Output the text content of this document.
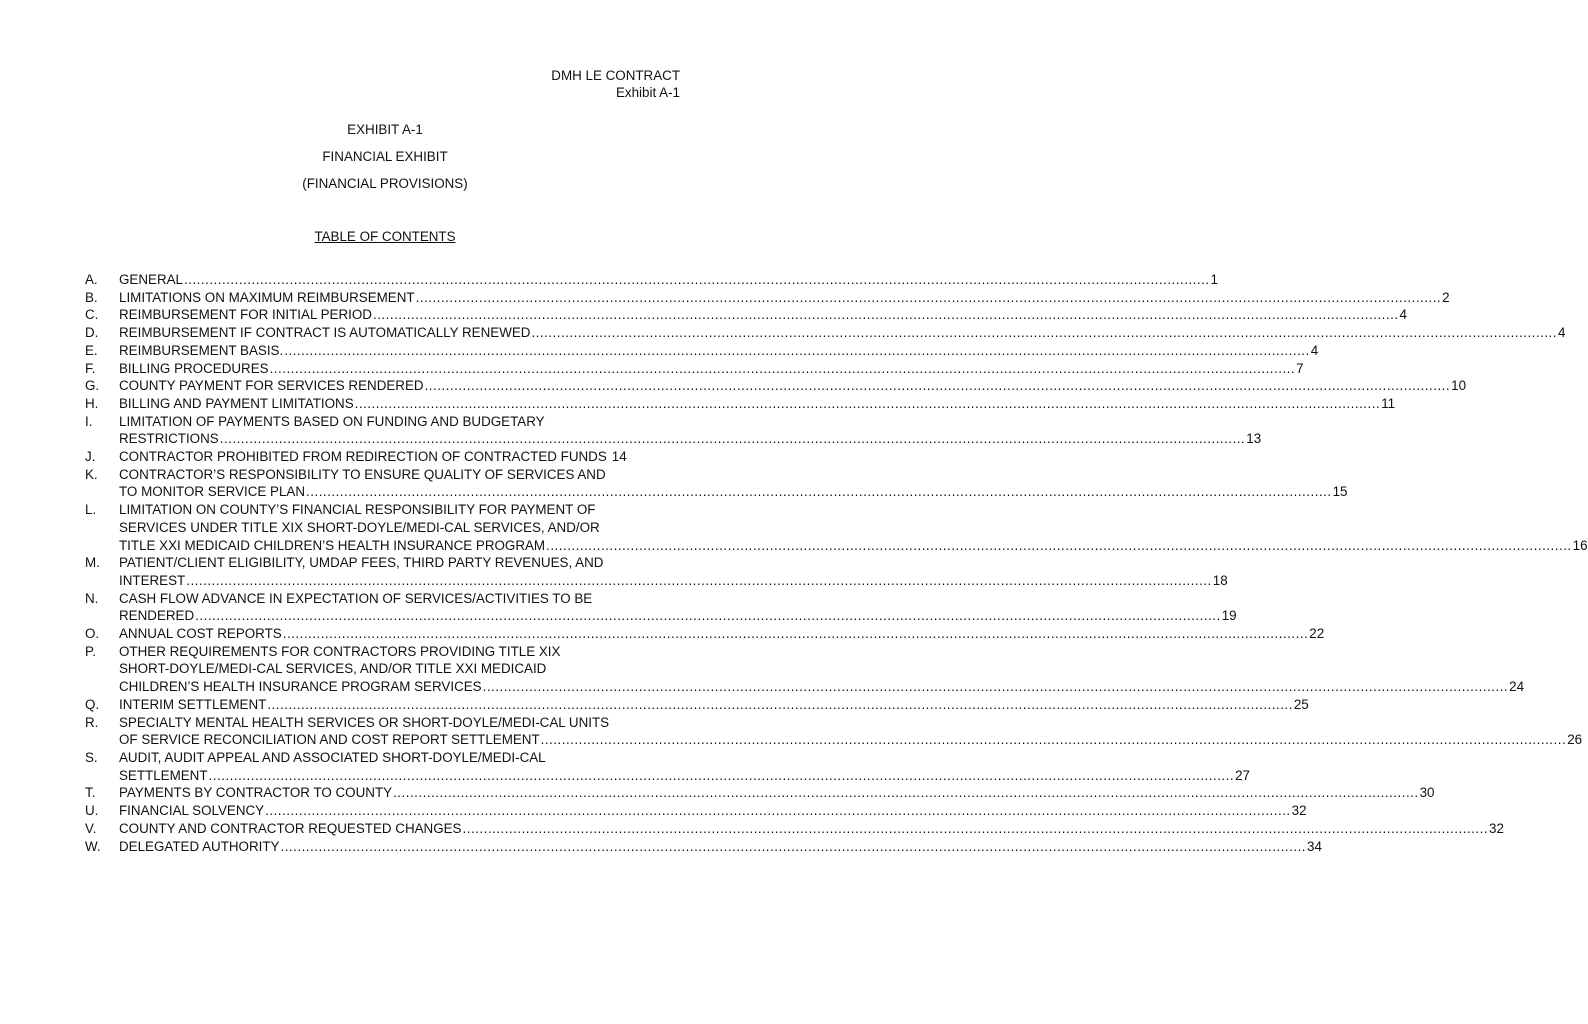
DMH LE CONTRACT
Exhibit A-1
EXHIBIT A-1
FINANCIAL EXHIBIT
(FINANCIAL PROVISIONS)
TABLE OF CONTENTS
A.	GENERAL .....	1
B.	LIMITATIONS ON MAXIMUM REIMBURSEMENT .....	2
C.	REIMBURSEMENT FOR INITIAL PERIOD .....	4
D.	REIMBURSEMENT IF CONTRACT IS AUTOMATICALLY RENEWED .....	4
E.	REIMBURSEMENT BASIS. .....	4
F.	BILLING PROCEDURES .....	7
G.	COUNTY PAYMENT FOR SERVICES RENDERED .....	10
H.	BILLING AND PAYMENT LIMITATIONS .....	11
I.	LIMITATION OF PAYMENTS BASED ON FUNDING AND BUDGETARY
RESTRICTIONS .....	13
J.	CONTRACTOR PROHIBITED FROM REDIRECTION OF CONTRACTED FUNDS 14
K.	CONTRACTOR’S RESPONSIBILITY TO ENSURE QUALITY OF SERVICES AND
TO MONITOR SERVICE PLAN .....	15
L.	LIMITATION ON COUNTY’S FINANCIAL RESPONSIBILITY FOR PAYMENT OF
SERVICES UNDER TITLE XIX SHORT-DOYLE/MEDI-CAL SERVICES, AND/OR
TITLE XXI MEDICAID CHILDREN’S HEALTH INSURANCE PROGRAM .....	16
M.	PATIENT/CLIENT ELIGIBILITY, UMDAP FEES, THIRD PARTY REVENUES, AND
INTEREST .....	18
N.	CASH FLOW ADVANCE IN EXPECTATION OF SERVICES/ACTIVITIES TO BE
RENDERED .....	19
O.	ANNUAL COST REPORTS .....	22
P.	OTHER REQUIREMENTS FOR CONTRACTORS PROVIDING TITLE XIX
SHORT-DOYLE/MEDI-CAL SERVICES, AND/OR TITLE XXI MEDICAID
CHILDREN’S HEALTH INSURANCE PROGRAM SERVICES .....	24
Q.	INTERIM SETTLEMENT .....	25
R.	SPECIALTY MENTAL HEALTH SERVICES OR SHORT-DOYLE/MEDI-CAL UNITS
OF SERVICE RECONCILIATION AND COST REPORT SETTLEMENT .....	26
S.	AUDIT, AUDIT APPEAL AND ASSOCIATED SHORT-DOYLE/MEDI-CAL
SETTLEMENT .....	27
T.	PAYMENTS BY CONTRACTOR TO COUNTY .....	30
U.	FINANCIAL SOLVENCY .....	32
V.	COUNTY AND CONTRACTOR REQUESTED CHANGES .....	32
W.	DELEGATED AUTHORITY .....	34
